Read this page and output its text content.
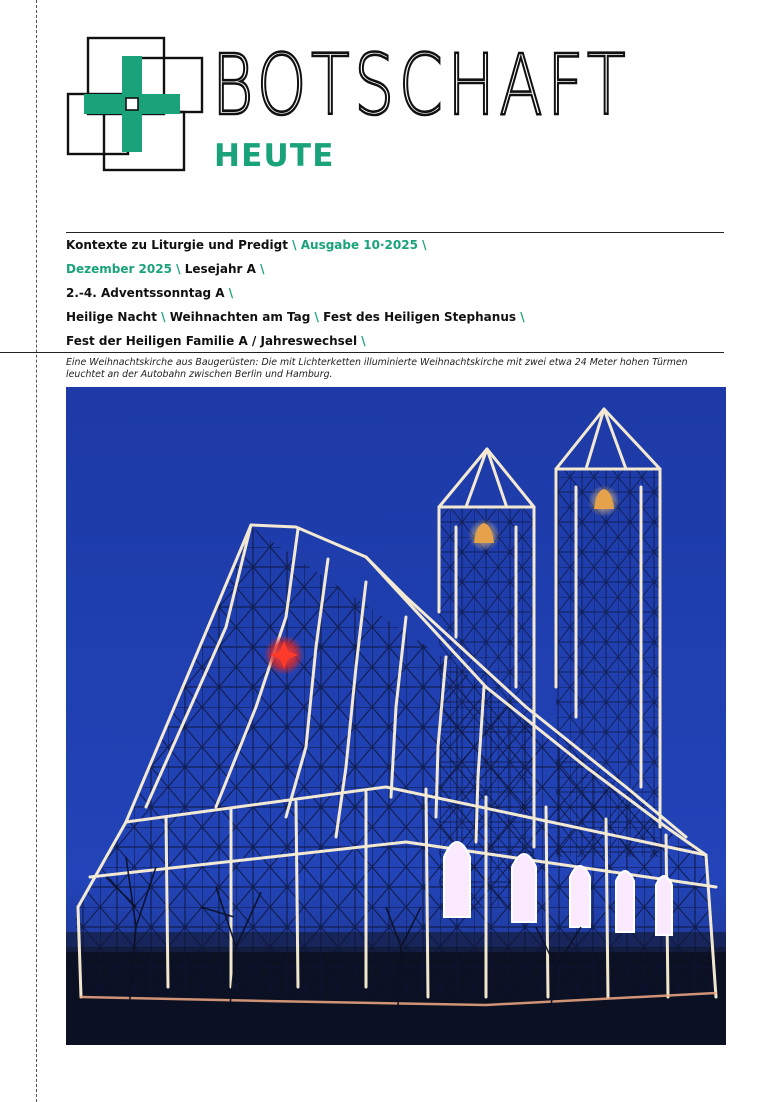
BOTSCHAFT
HEUTE
Kontexte zu Liturgie und Predigt \ Ausgabe 10·2025 \
Dezember 2025 \ Lesejahr A \
2.-4. Adventssonntag A \
Heilige Nacht \ Weihnachten am Tag \ Fest des Heiligen Stephanus \
Fest der Heiligen Familie A / Jahreswechsel \
Eine Weihnachtskirche aus Baugerüsten: Die mit Lichterketten illuminierte Weihnachtskirche mit zwei etwa 24 Meter hohen Türmen leuchtet an der Autobahn zwischen Berlin und Hamburg.
